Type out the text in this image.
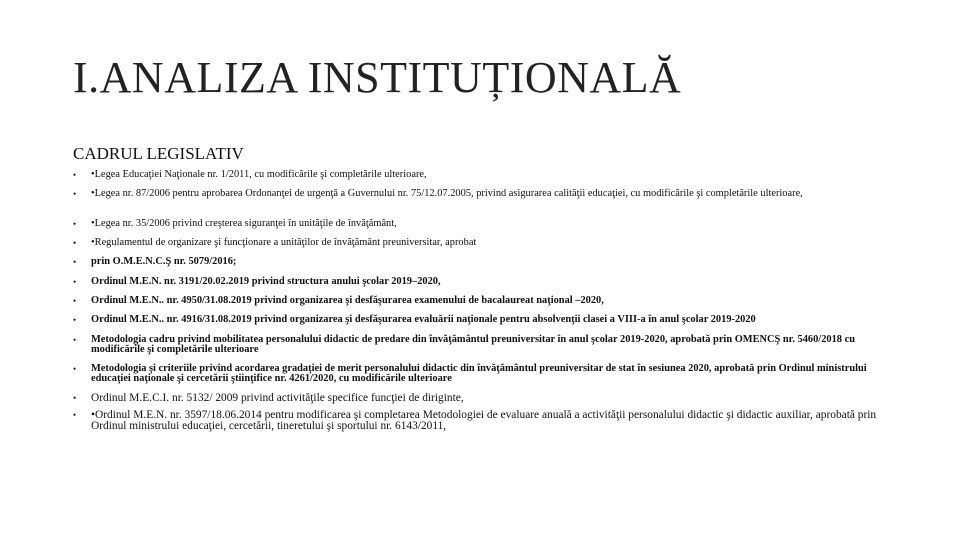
I.ANALIZA INSTITUȚIONALĂ
CADRUL LEGISLATIV
• •Legea Educaţiei Naţionale nr. 1/2011, cu modificările şi completările ulterioare,
• •Legea nr. 87/2006 pentru aprobarea Ordonanţei de urgenţă a Guvernului nr. 75/12.07.2005, privind asigurarea calităţii educaţiei, cu modificările şi completările ulterioare,
• •Legea nr. 35/2006 privind creşterea siguranţei în unităţile de învăţământ,
• •Regulamentul de organizare şi funcţionare a unităţilor de învăţământ preuniversitar, aprobat
• prin O.M.E.N.C.Ş nr. 5079/2016;
• Ordinul M.E.N. nr. 3191/20.02.2019 privind structura anului şcolar 2019–2020,
• Ordinul M.E.N.. nr. 4950/31.08.2019 privind organizarea şi desfăşurarea examenului de bacalaureat naţional –2020,
• Ordinul M.E.N.. nr. 4916/31.08.2019 privind organizarea şi desfăşurarea evaluării naţionale pentru absolvenţii clasei a VIII-a în anul şcolar 2019-2020
• Metodologia cadru privind mobilitatea personalului didactic de predare din învăţământul preuniversitar în anul şcolar 2019-2020, aprobată prin OMENCŞ nr. 5460/2018 cu modificările şi completările ulterioare
• Metodologia şi criteriile privind acordarea gradaţiei de merit personalului didactic din învăţământul preuniversitar de stat în sesiunea 2020, aprobată prin Ordinul ministrului educaţiei naţionale şi cercetării ştiinţifice nr. 4261/2020, cu modificările ulterioare
• Ordinul M.E.C.I. nr. 5132/ 2009 privind activităţile specifice funcţiei de diriginte,
• •Ordinul M.E.N. nr. 3597/18.06.2014 pentru modificarea şi completarea Metodologiei de evaluare anuală a activităţii personalului didactic şi didactic auxiliar, aprobată prin Ordinul ministrului educaţiei, cercetării, tineretului şi sportului nr. 6143/2011,
